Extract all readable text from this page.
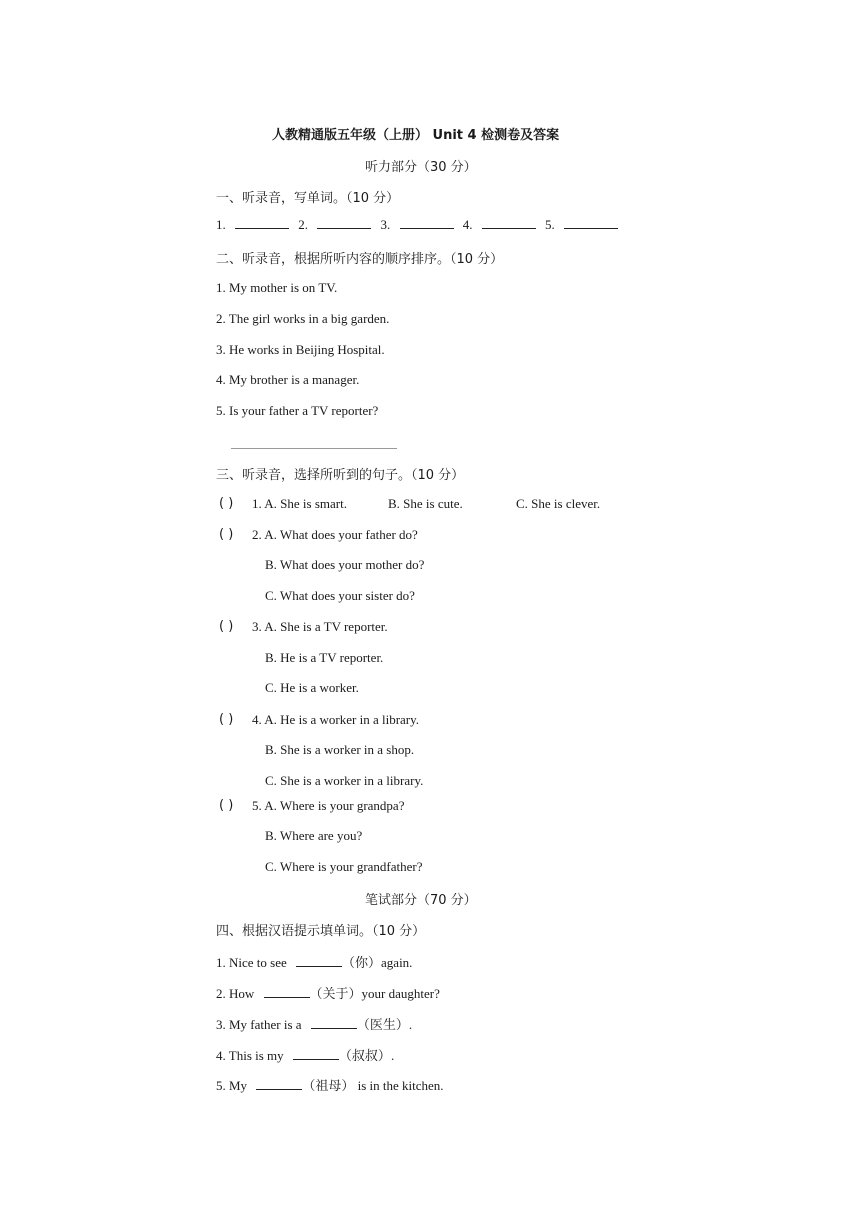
人教精通版五年级（上册） Unit 4 检测卷及答案
听力部分（30 分）
一、听录音，写单词。（10 分）
1.	2.	3.	4.	5.
二、听录音，根据所听内容的顺序排序。（10 分）
1. My mother is on TV.
2. The girl works in a big garden.
3. He works in Beijing Hospital.
4. My brother is a manager.
5. Is your father a TV reporter?
三、听录音，选择所听到的句子。（10 分）
( ) 1. A. She is smart.	B. She is cute.	C. She is clever.
( ) 2. A. What does your father do?
B. What does your mother do?
C. What does your sister do?
( ) 3. A. She is a TV reporter.
B. He is a TV reporter.
C. He is a worker.
( ) 4. A. He is a worker in a library.
B. She is a worker in a shop.
C. She is a worker in a library.
( ) 5. A. Where is your grandpa?
B. Where are you?
C. Where is your grandfather?
笔试部分（70 分）
四、根据汉语提示填单词。（10 分）
1. Nice to see	（你）again.
2. How	（关于）your daughter?
3. My father is a	（医生）.
4. This is my	（叔叔）.
5. My	（祖母） is in the kitchen.
